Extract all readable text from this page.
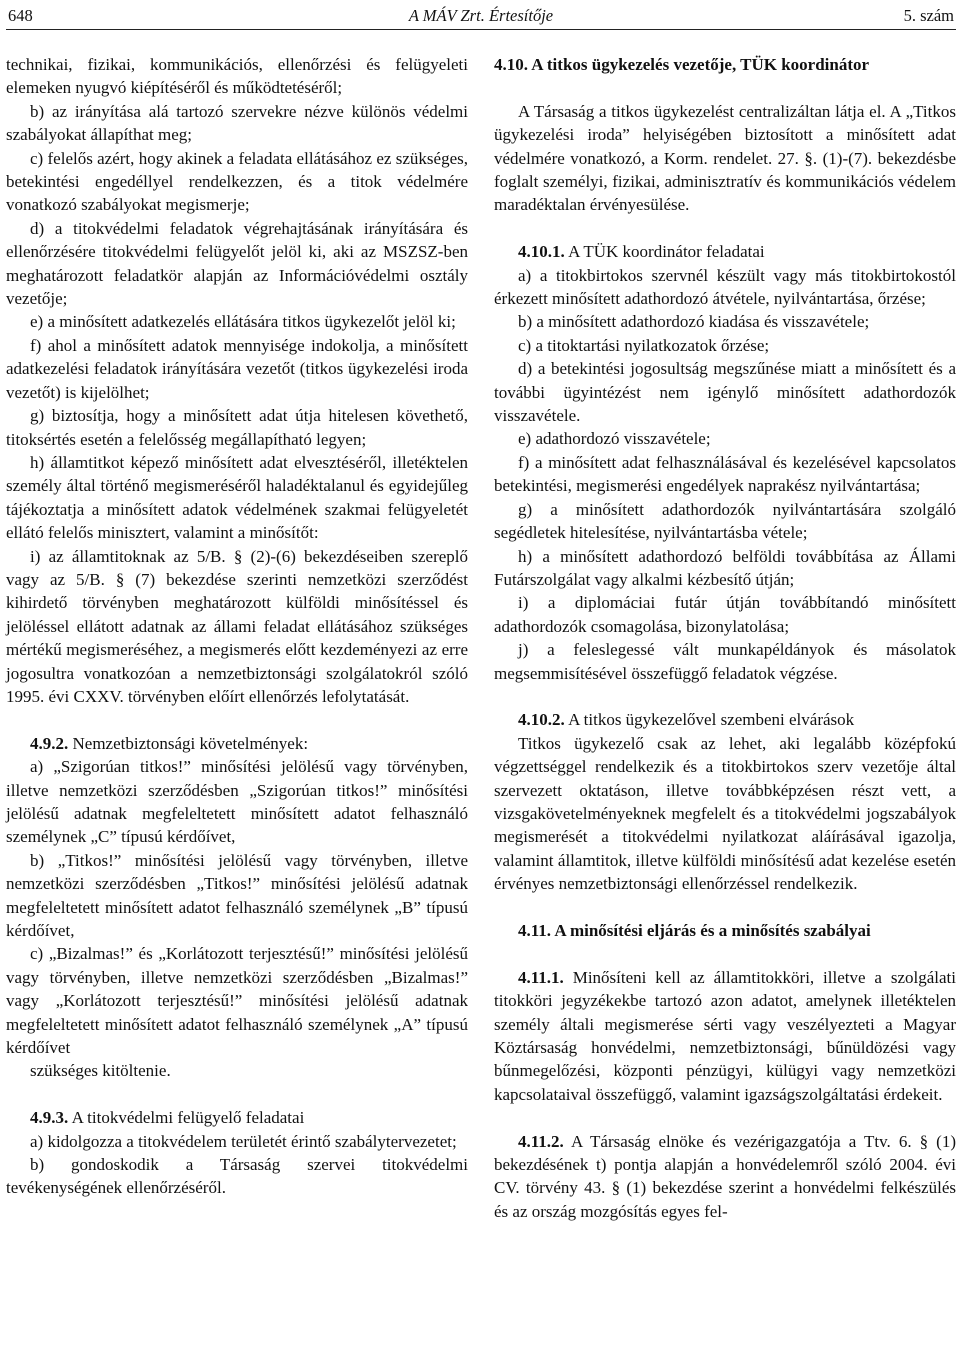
648	A MÁV Zrt. Értesítője	5. szám

technikai, fizikai, kommunikációs, ellenőrzési és felügyeleti elemeken nyugvó kiépítéséről és működtetéséről;

b) az irányítása alá tartozó szervekre nézve különös védelmi szabályokat állapíthat meg;

c) felelős azért, hogy akinek a feladata ellátásához ez szükséges, betekintési engedéllyel rendelkezzen, és a titok védelmére vonatkozó szabályokat megismerje;

d) a titokvédelmi feladatok végrehajtásának irányítására és ellenőrzésére titokvédelmi felügyelőt jelöl ki, aki az MSZSZ-ben meghatározott feladatkör alapján az Információvédelmi osztály vezetője;

e) a minősített adatkezelés ellátására titkos ügykezelőt jelöl ki;

f) ahol a minősített adatok mennyisége indokolja, a minősített adatkezelési feladatok irányítására vezetőt (titkos ügykezelési iroda vezetőt) is kijelölhet;

g) biztosítja, hogy a minősített adat útja hitelesen követhető, titoksértés esetén a felelősség megállapítható legyen;

h) államtitkot képező minősített adat elvesztéséről, illetéktelen személy által történő megismeréséről haladéktalanul és egyidejűleg tájékoztatja a minősített adatok védelmének szakmai felügyeletét ellátó felelős minisztert, valamint a minősítőt:

i) az államtitoknak az 5/B. § (2)-(6) bekezdéseiben szereplő vagy az 5/B. § (7) bekezdése szerinti nemzetközi szerződést kihirdető törvényben meghatározott külföldi minősítéssel és jelöléssel ellátott adatnak az állami feladat ellátásához szükséges mértékű megismeréséhez, a megismerés előtt kezdeményezi az erre jogosultra vonatkozóan a nemzetbiztonsági szolgálatokról szóló 1995. évi CXXV. törvényben előírt ellenőrzés lefolytatását.

4.9.2. Nemzetbiztonsági követelmények:

a) „Szigorúan titkos!” minősítési jelölésű vagy törvényben, illetve nemzetközi szerződésben „Szigorúan titkos!” minősítési jelölésű adatnak megfeleltetett minősített adatot felhasználó személynek „C” típusú kérdőívet,

b) „Titkos!” minősítési jelölésű vagy törvényben, illetve nemzetközi szerződésben „Titkos!” minősítési jelölésű adatnak megfeleltetett minősített adatot felhasználó személynek „B” típusú kérdőívet,

c) „Bizalmas!” és „Korlátozott terjesztésű!” minősítési jelölésű vagy törvényben, illetve nemzetközi szerződésben „Bizalmas!” vagy „Korlátozott terjesztésű!” minősítési jelölésű adatnak megfeleltetett minősített adatot felhasználó személynek „A” típusú kérdőívet

szükséges kitöltenie.

4.9.3. A titokvédelmi felügyelő feladatai

a) kidolgozza a titokvédelem területét érintő szabálytervezetet;

b) gondoskodik a Társaság szervei titokvédelmi tevékenységének ellenőrzéséről.

4.10. A titkos ügykezelés vezetője, TÜK koordinátor

A Társaság a titkos ügykezelést centralizáltan látja el. A „Titkos ügykezelési iroda” helyiségében biztosított a minősített adat védelmére vonatkozó, a Korm. rendelet. 27. §. (1)-(7). bekezdésbe foglalt személyi, fizikai, adminisztratív és kommunikációs védelem maradéktalan érvényesülése.

4.10.1. A TÜK koordinátor feladatai

a) a titokbirtokos szervnél készült vagy más titokbirtokostól érkezett minősített adathordozó átvétele, nyilvántartása, őrzése;

b) a minősített adathordozó kiadása és visszavétele;

c) a titoktartási nyilatkozatok őrzése;

d) a betekintési jogosultság megszűnése miatt a minősített és a további ügyintézést nem igénylő minősített adathordozók visszavétele.

e) adathordozó visszavétele;

f) a minősített adat felhasználásával és kezelésével kapcsolatos betekintési, megismerési engedélyek naprakész nyilvántartása;

g) a minősített adathordozók nyilvántartására szolgáló segédletek hitelesítése, nyilvántartásba vétele;

h) a minősített adathordozó belföldi továbbítása az Állami Futárszolgálat vagy alkalmi kézbesítő útján;

i) a diplomáciai futár útján továbbítandó minősített adathordozók csomagolása, bizonylatolása;

j) a feleslegessé vált munkapéldányok és másolatok megsemmisítésével összefüggő feladatok végzése.

4.10.2. A titkos ügykezelővel szembeni elvárások

Titkos ügykezelő csak az lehet, aki legalább középfokú végzettséggel rendelkezik és a titokbirtokos szerv vezetője által szervezett oktatáson, illetve továbbképzésen részt vett, a vizsgakövetelményeknek megfelelt és a titokvédelmi jogszabályok megismerését a titokvédelmi nyilatkozat aláírásával igazolja, valamint államtitok, illetve külföldi minősítésű adat kezelése esetén érvényes nemzetbiztonsági ellenőrzéssel rendelkezik.

4.11. A minősítési eljárás és a minősítés szabályai

4.11.1. Minősíteni kell az államtitokköri, illetve a szolgálati titokköri jegyzékekbe tartozó azon adatot, amelynek illetéktelen személy általi megismerése sérti vagy veszélyezteti a Magyar Köztársaság honvédelmi, nemzetbiztonsági, bűnüldözési vagy bűnmegelőzési, központi pénzügyi, külügyi vagy nemzetközi kapcsolataival összefüggő, valamint igazságszolgáltatási érdekeit.

4.11.2. A Társaság elnöke és vezérigazgatója a Ttv. 6. § (1) bekezdésének t) pontja alapján a honvédelemről szóló 2004. évi CV. törvény 43. § (1) bekezdése szerint a honvédelmi felkészülés és az ország mozgósítás egyes fel-
